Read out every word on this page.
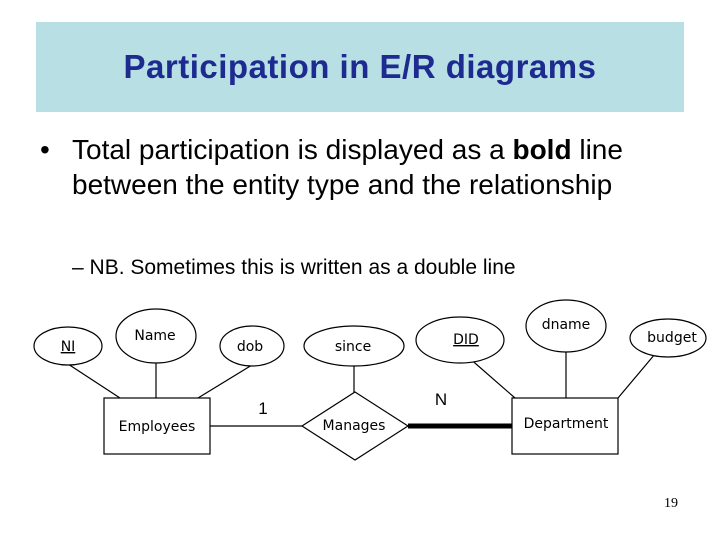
Participation in E/R diagrams
• Total participation is displayed as a bold line between the entity type and the relationship
– NB. Sometimes this is written as a double line
NI
Name
dob	since	DID
dname
budget
Employees	Department
Manages
1	N
19
